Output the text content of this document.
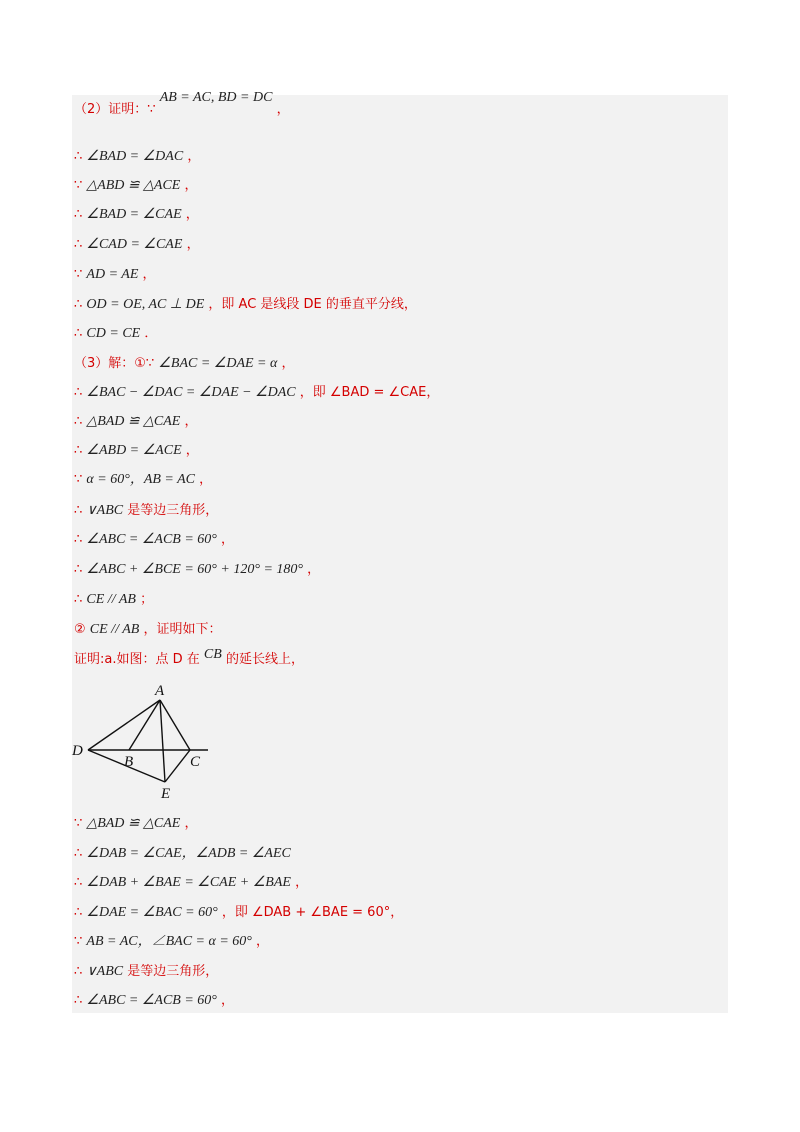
（2）证明：∵ AB = AC, BD = DC ，
∴ ∠BAD = ∠DAC ，
∵ △ABD ≌ △ACE ，
∴ ∠BAD = ∠CAE ，
∴ ∠CAD = ∠CAE ，
∵ AD = AE ，
∴ OD = OE, AC ⊥ DE ，即 AC 是线段 DE 的垂直平分线，
∴ CD = CE ．
（3）解：①∵ ∠BAC = ∠DAE = α ，
∴ ∠BAC − ∠DAC = ∠DAE − ∠DAC ，即 ∠BAD = ∠CAE，
∴ △BAD ≌ △CAE ，
∴ ∠ABD = ∠ACE ，
∵ α = 60°，AB = AC ，
∴ ∨ABC 是等边三角形，
∴ ∠ABC = ∠ACB = 60° ，
∴ ∠ABC + ∠BCE = 60° + 120° = 180° ，
∴ CE // AB ；
② CE // AB ，证明如下：
证明:a.如图：点 D 在 CB 的延长线上，
A
B	C
D
E
∵ △BAD ≌ △CAE ，
∴ ∠DAB = ∠CAE，∠ADB = ∠AEC
∴ ∠DAB + ∠BAE = ∠CAE + ∠BAE ，
∴ ∠DAE = ∠BAC = 60° ，即 ∠DAB + ∠BAE = 60°，
∵ AB = AC，∠BAC = α = 60° ，
∴ ∨ABC 是等边三角形，
∴ ∠ABC = ∠ACB = 60° ，
